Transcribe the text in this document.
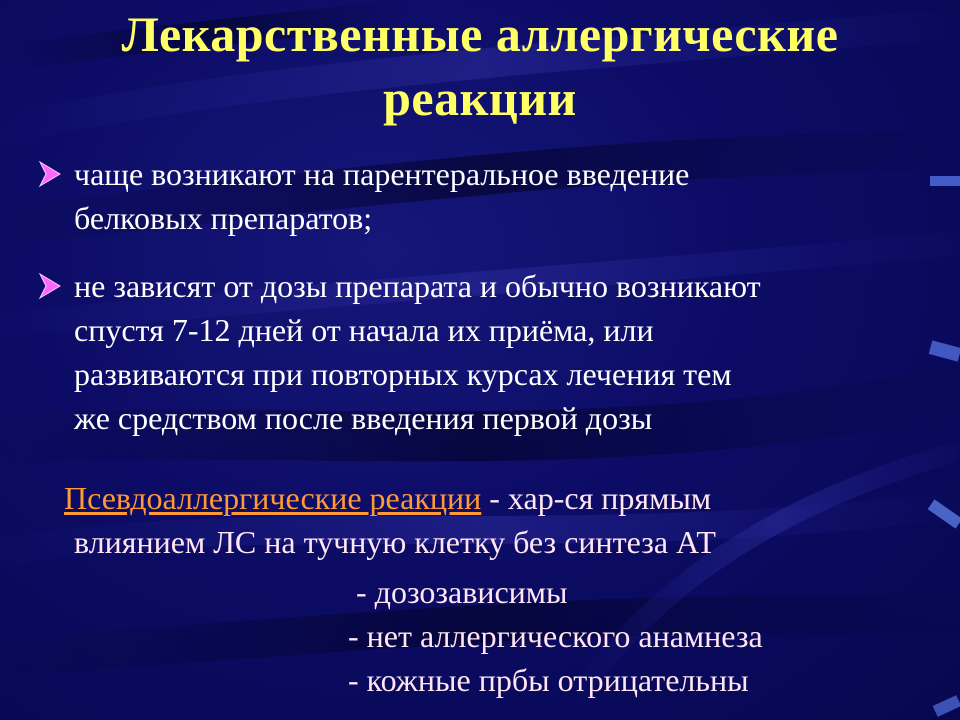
Лекарственные аллергические
реакции
чаще возникают на парентеральное введение
белковых препаратов;
не зависят от дозы препарата и обычно возникают
спустя 7-12 дней от начала их приёма, или
развиваются при повторных курсах лечения тем
же средством после введения первой дозы
Псевдоаллергические реакции - хар-ся прямым
влиянием ЛС на тучную клетку без синтеза АТ
- дозозависимы
- нет аллергического анамнеза
- кожные прбы отрицательны
